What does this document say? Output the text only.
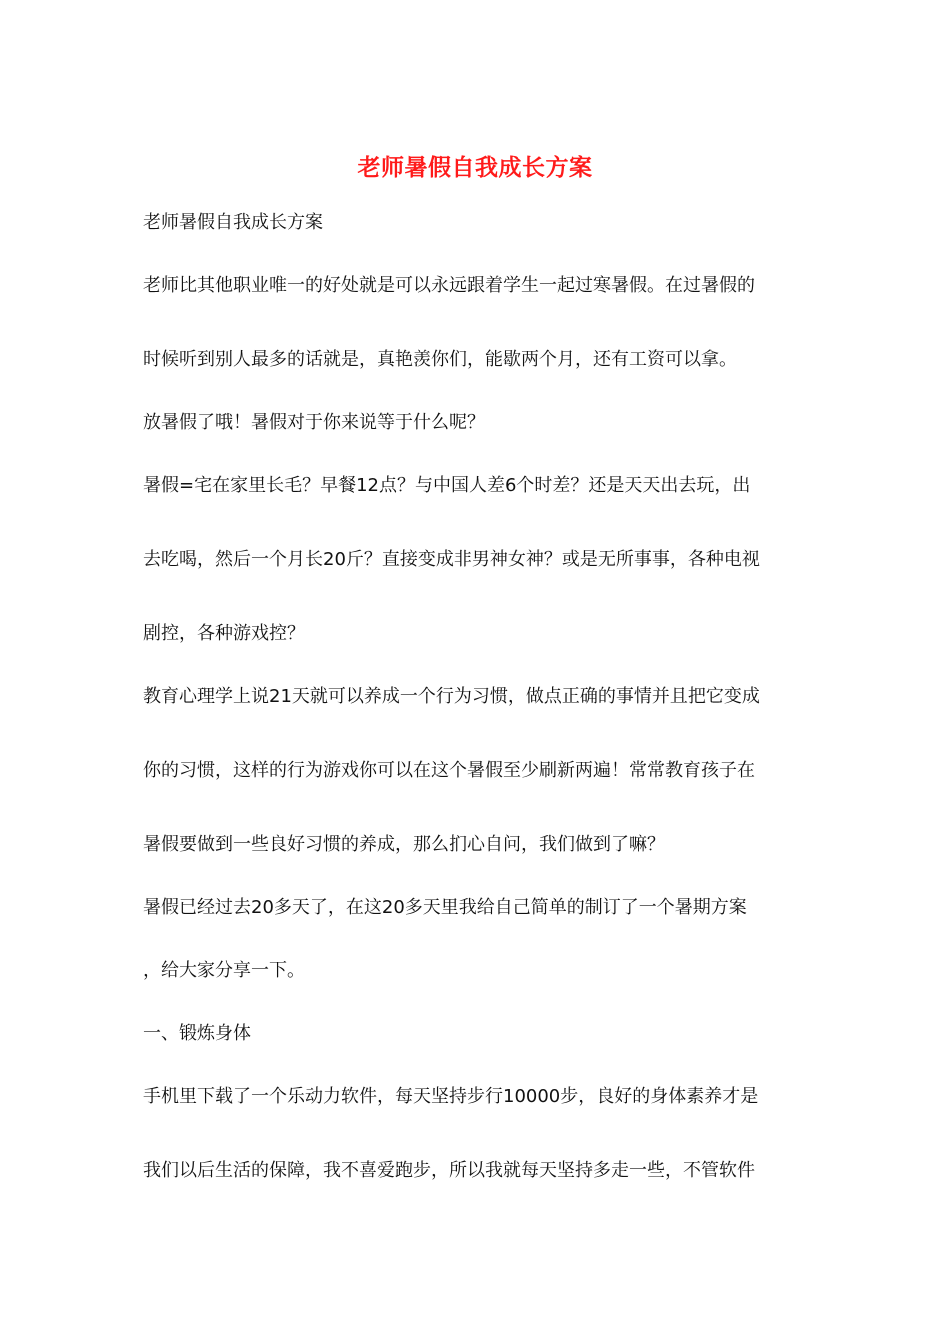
老师暑假自我成长方案
老师暑假自我成长方案
老师比其他职业唯一的好处就是可以永远跟着学生一起过寒暑假。在过暑假的
时候听到别人最多的话就是，真艳羡你们，能歇两个月，还有工资可以拿。
放暑假了哦！暑假对于你来说等于什么呢？
暑假=宅在家里长毛？早餐12点？与中国人差6个时差？还是天天出去玩，出
去吃喝，然后一个月长20斤？直接变成非男神女神？或是无所事事，各种电视
剧控，各种游戏控？
教育心理学上说21天就可以养成一个行为习惯，做点正确的事情并且把它变成
你的习惯，这样的行为游戏你可以在这个暑假至少刷新两遍！常常教育孩子在
暑假要做到一些良好习惯的养成，那么扪心自问，我们做到了嘛？
暑假已经过去20多天了，在这20多天里我给自己简单的制订了一个暑期方案
，给大家分享一下。
一、锻炼身体
手机里下载了一个乐动力软件，每天坚持步行10000步，良好的身体素养才是
我们以后生活的保障，我不喜爱跑步，所以我就每天坚持多走一些，不管软件
